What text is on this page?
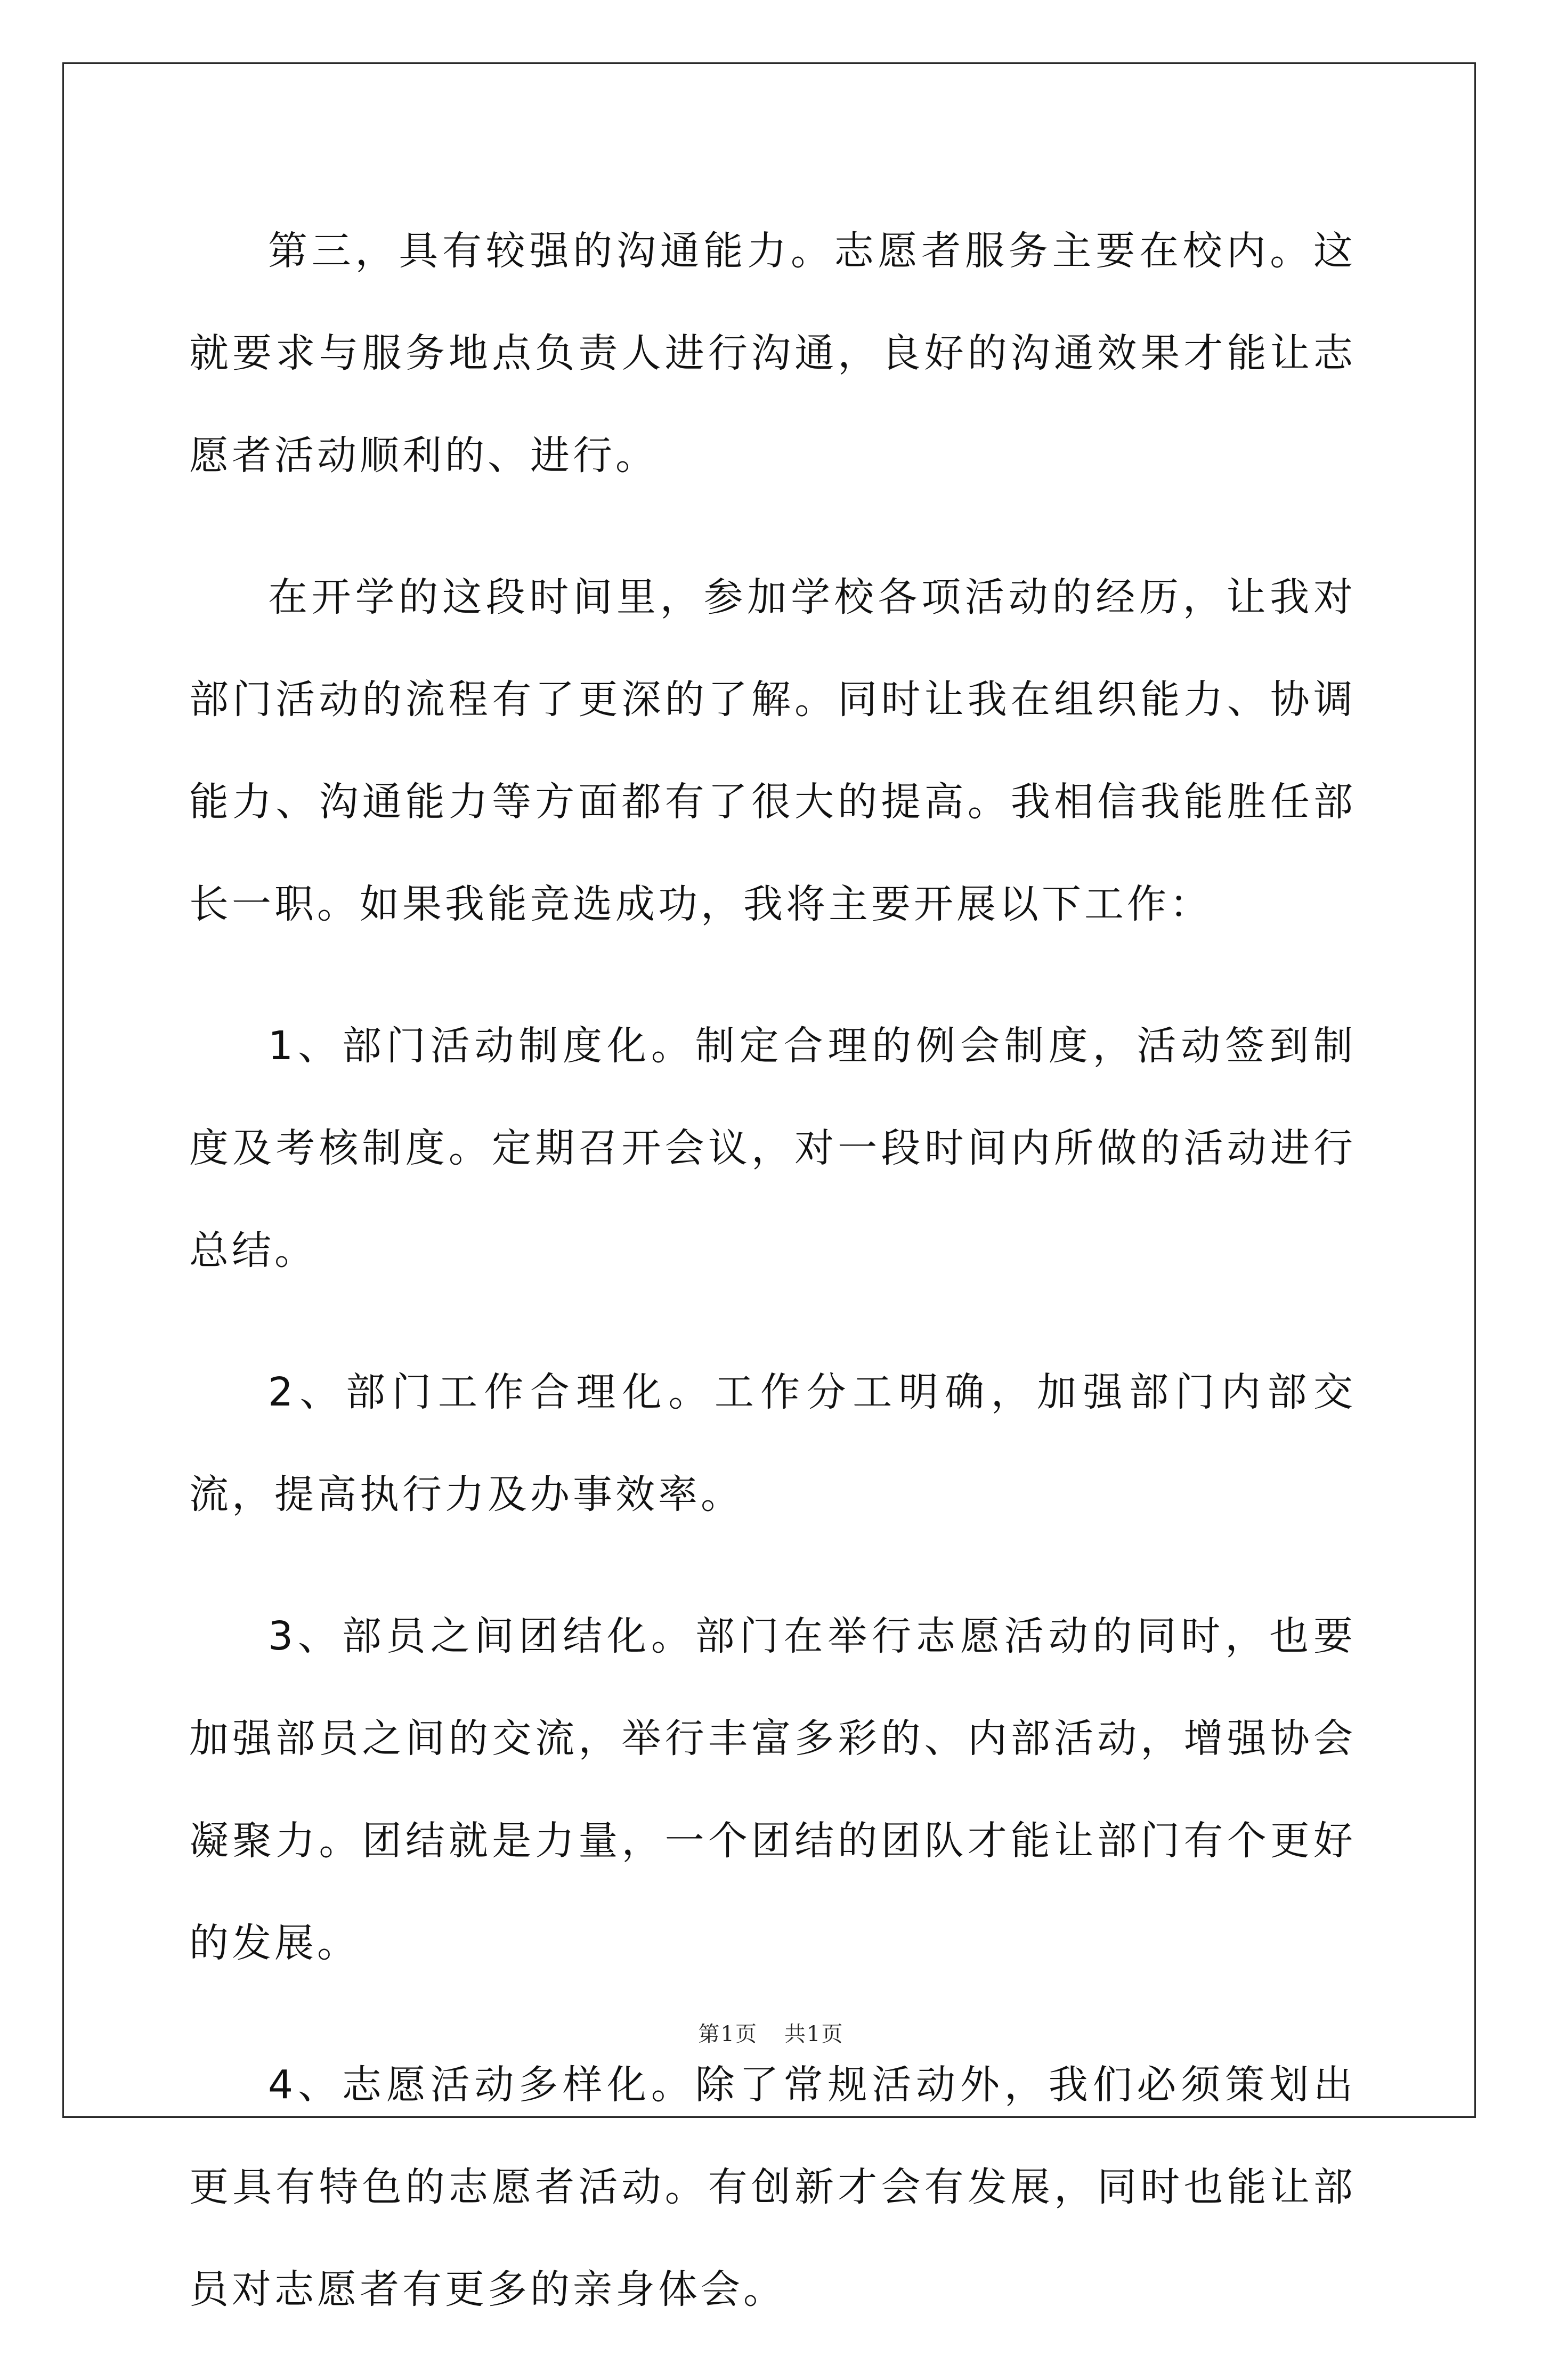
第三，具有较强的沟通能力。志愿者服务主要在校内。这就要求与服务地点负责人进行沟通，良好的沟通效果才能让志愿者活动顺利的、进行。

在开学的这段时间里，参加学校各项活动的经历，让我对部门活动的流程有了更深的了解。同时让我在组织能力、协调能力、沟通能力等方面都有了很大的提高。我相信我能胜任部长一职。如果我能竞选成功，我将主要开展以下工作：

1、部门活动制度化。制定合理的例会制度，活动签到制度及考核制度。定期召开会议，对一段时间内所做的活动进行总结。

2、部门工作合理化。工作分工明确，加强部门内部交流，提高执行力及办事效率。

3、部员之间团结化。部门在举行志愿活动的同时，也要加强部员之间的交流，举行丰富多彩的、内部活动，增强协会凝聚力。团结就是力量，一个团结的团队才能让部门有个更好的发展。

4、志愿活动多样化。除了常规活动外，我们必须策划出更具有特色的志愿者活动。有创新才会有发展，同时也能让部员对志愿者有更多的亲身体会。

第1页 共1页
